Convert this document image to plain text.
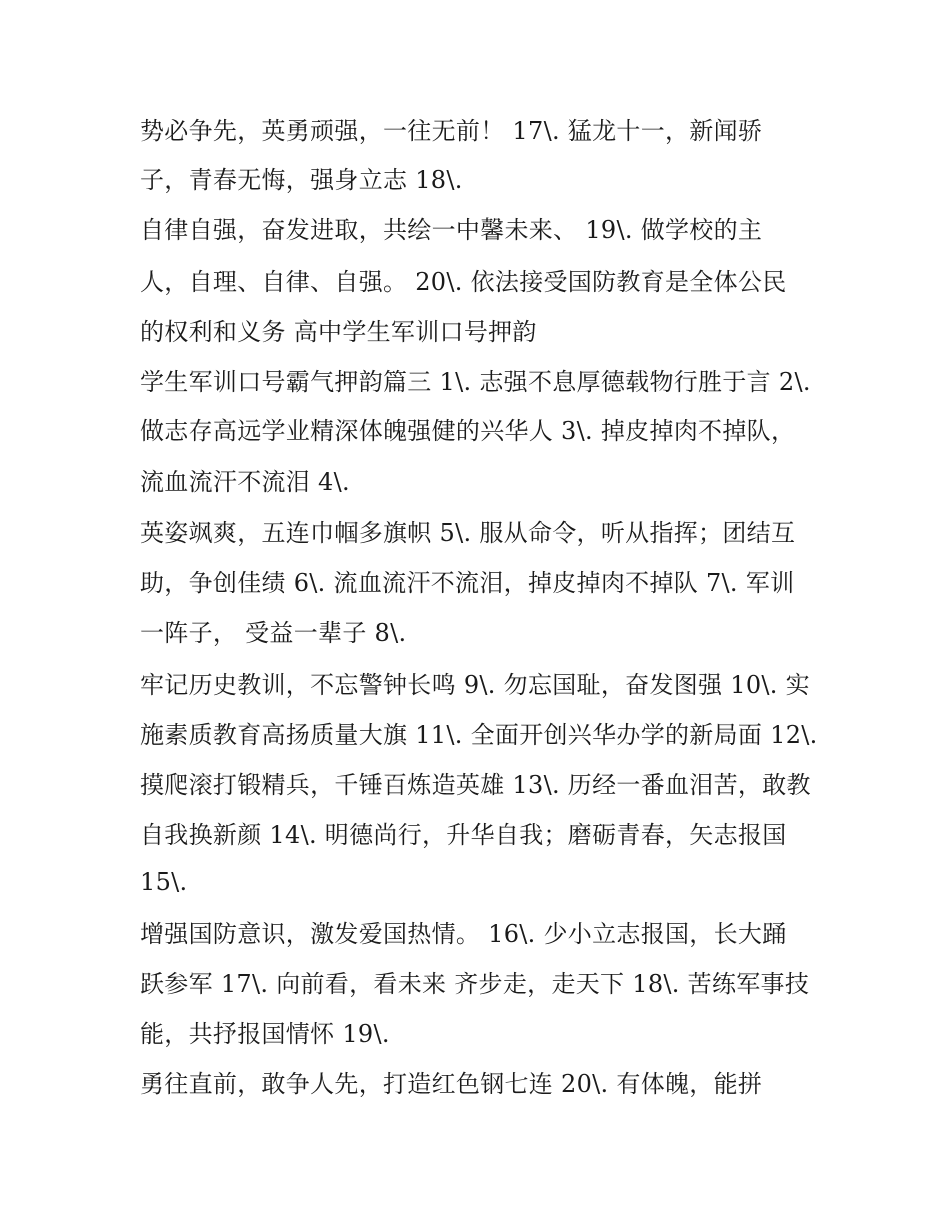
势必争先，英勇顽强，一往无前！ 17\. 猛龙十一，新闻骄
子，青春无悔，强身立志 18\.
自律自强，奋发进取，共绘一中馨未来、 19\. 做学校的主
人，自理、自律、自强。 20\. 依法接受国防教育是全体公民
的权利和义务 高中学生军训口号押韵
学生军训口号霸气押韵篇三 1\. 志强不息厚德载物行胜于言 2\.
做志存高远学业精深体魄强健的兴华人 3\. 掉皮掉肉不掉队，
流血流汗不流泪 4\.
英姿飒爽，五连巾帼多旗帜 5\. 服从命令，听从指挥；团结互
助，争创佳绩 6\. 流血流汗不流泪，掉皮掉肉不掉队 7\. 军训
一阵子， 受益一辈子 8\.
牢记历史教训，不忘警钟长鸣 9\. 勿忘国耻，奋发图强 10\. 实
施素质教育高扬质量大旗 11\. 全面开创兴华办学的新局面 12\.
摸爬滚打锻精兵，千锤百炼造英雄 13\. 历经一番血泪苦，敢教
自我换新颜 14\. 明德尚行，升华自我；磨砺青春，矢志报国
15\.
增强国防意识，激发爱国热情。 16\. 少小立志报国，长大踊
跃参军 17\. 向前看，看未来 齐步走，走天下 18\. 苦练军事技
能，共抒报国情怀 19\.
勇往直前，敢争人先，打造红色钢七连 20\. 有体魄，能拼
